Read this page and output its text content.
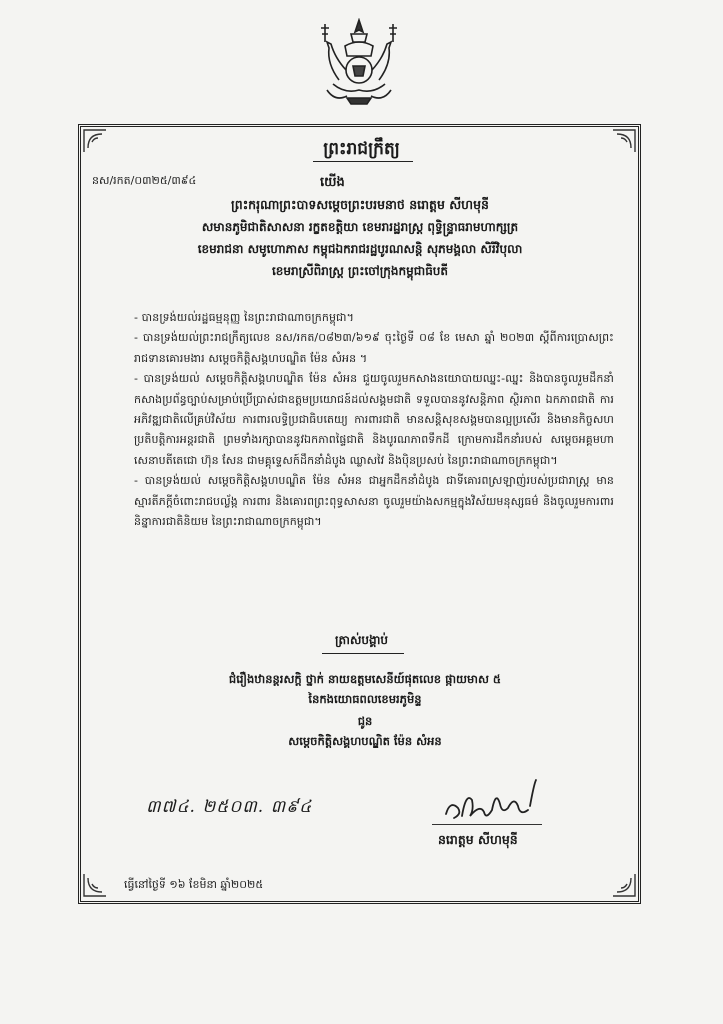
ព្រះរាជក្រឹត្យ
នស/រកត/០៣២៥/៣៩៤	យើង

ព្រះករុណាព្រះបាទសម្តេចព្រះបរមនាថ នរោត្តម សីហមុនី

សមានភូមិជាតិសាសនា រក្ខតខត្តិយា ខេមរារដ្ឋរាស្ត្រ ពុទ្ធិន្ទ្រាធរាមហាក្សត្រ

ខេមរាជនា សមូហោភាស កម្ពុជឯករាជរដ្ឋបូរណសន្តិ សុភមង្គលា សិរីវិបុលា

ខេមរាស្រីពិរាស្ត្រ ព្រះចៅក្រុងកម្ពុជាធិបតី

- បានទ្រង់យល់រដ្ឋធម្មនុញ្ញ នៃព្រះរាជាណាចក្រកម្ពុជា។

- បានទ្រង់យល់ព្រះរាជក្រឹត្យលេខ នស/រកត/០៨២៣/៦១៩ ចុះថ្ងៃទី ០៨ ខែ មេសា ឆ្នាំ ២០២៣ ស្តីពីការប្រោសព្រះរាជទានគោរមងារ សម្តេចកិត្តិសង្គហបណ្ឌិត ម៉ែន សំអន ។

- បានទ្រង់យល់ សម្តេចកិត្តិសង្គហបណ្ឌិត ម៉ែន សំអន ជួយចូលរួមកសាងនយោបាយឈ្នះ-ឈ្នះ និងបានចូលរួមដឹកនាំកសាងប្រព័ន្ធច្បាប់សម្រាប់ប្រើប្រាស់ជាឧត្តមប្រយោជន៍ដល់សង្គមជាតិ ទទួលបាននូវសន្តិភាព ស្ថិរភាព ឯកភាពជាតិ ការអភិវឌ្ឍជាតិលើគ្រប់វិស័យ ការពារលទ្ធិប្រជាធិបតេយ្យ ការពារជាតិ មានសន្តិសុខសង្គមបានល្អប្រសើរ និងមានកិច្ចសហប្រតិបត្តិការអន្តរជាតិ ព្រមទាំងរក្សាបាននូវឯកភាពផ្ទៃជាតិ និងបូរណភាពទឹកដី ក្រោមការដឹកនាំរបស់ សម្តេចអគ្គមហាសេនាបតីតេជោ ហ៊ុន សែន ជាមគ្គុទ្ទេសក៍ដឹកនាំដំបូង ឈ្លាសវៃ និងប៉ិនប្រសប់ នៃព្រះរាជាណាចក្រកម្ពុជា។

- បានទ្រង់យល់ សម្តេចកិត្តិសង្គហបណ្ឌិត ម៉ែន សំអន ជាអ្នកដឹកនាំដំបូង ជាទីគោរពស្រឡាញ់របស់ប្រជារាស្ត្រ មានស្មារតីភក្តីចំពោះរាជបល្ល័ង្ក ការពារ និងគោរពព្រះពុទ្ធសាសនា ចូលរួមយ៉ាងសកម្មក្នុងវិស័យមនុស្សធម៌ និងចូលរួមការពារនិន្នាការជាតិនិយម នៃព្រះរាជាណាចក្រកម្ពុជា។

ត្រាស់បង្គាប់

ជំរឿងឋានន្តរសក្តិ ថ្នាក់ នាយឧត្តមសេនីយ៍ផុតលេខ ផ្កាយមាស ៥

នៃកងយោធពលខេមរភូមិន្ទ

ជូន

សម្តេចកិត្តិសង្គហបណ្ឌិត ម៉ែន សំអន

៣៧៤. ២៥០៣. ៣៩៤
នរោត្តម សីហមុនី
ធ្វើនៅថ្ងៃទី ១៦ ខែមិនា ឆ្នាំ២០២៥
